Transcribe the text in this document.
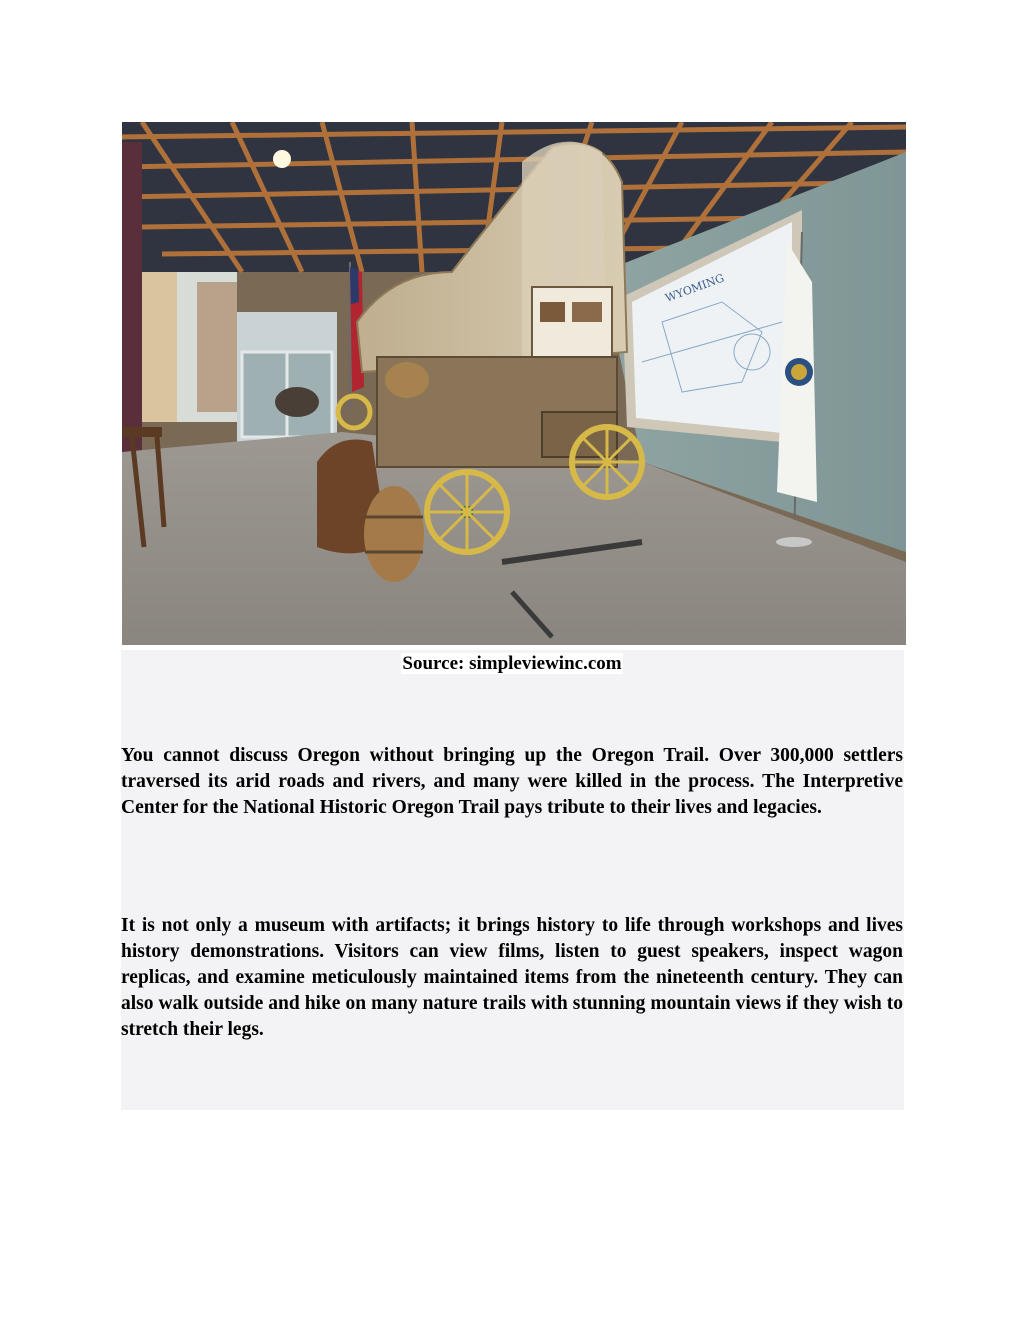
WYOMING
Source: simpleviewinc.com

You cannot discuss Oregon without bringing up the Oregon Trail. Over 300,000 settlers traversed its arid roads and rivers, and many were killed in the process. The Interpretive Center for the National Historic Oregon Trail pays tribute to their lives and legacies.

It is not only a museum with artifacts; it brings history to life through workshops and lives history demonstrations. Visitors can view films, listen to guest speakers, inspect wagon replicas, and examine meticulously maintained items from the nineteenth century. They can also walk outside and hike on many nature trails with stunning mountain views if they wish to stretch their legs.
